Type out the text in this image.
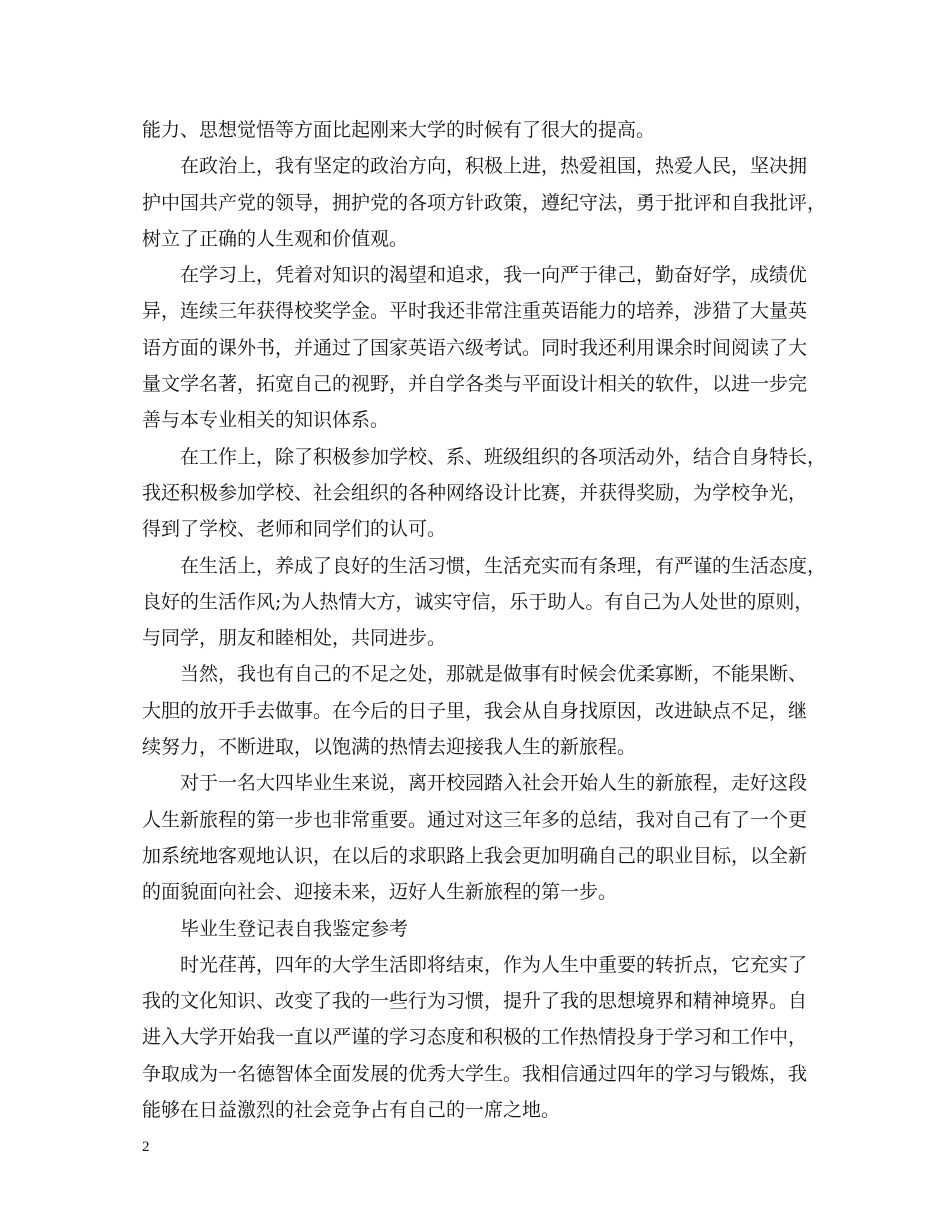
能力、思想觉悟等方面比起刚来大学的时候有了很大的提高。
在政治上，我有坚定的政治方向，积极上进，热爱祖国，热爱人民，坚决拥
护中国共产党的领导，拥护党的各项方针政策，遵纪守法，勇于批评和自我批评，
树立了正确的人生观和价值观。
在学习上，凭着对知识的渴望和追求，我一向严于律己，勤奋好学，成绩优
异，连续三年获得校奖学金。平时我还非常注重英语能力的培养，涉猎了大量英
语方面的课外书，并通过了国家英语六级考试。同时我还利用课余时间阅读了大
量文学名著，拓宽自己的视野，并自学各类与平面设计相关的软件，以进一步完
善与本专业相关的知识体系。
在工作上，除了积极参加学校、系、班级组织的各项活动外，结合自身特长，
我还积极参加学校、社会组织的各种网络设计比赛，并获得奖励，为学校争光，
得到了学校、老师和同学们的认可。
在生活上，养成了良好的生活习惯，生活充实而有条理，有严谨的生活态度，
良好的生活作风;为人热情大方，诚实守信，乐于助人。有自己为人处世的原则，
与同学，朋友和睦相处，共同进步。
当然，我也有自己的不足之处，那就是做事有时候会优柔寡断，不能果断、
大胆的放开手去做事。在今后的日子里，我会从自身找原因，改进缺点不足，继
续努力，不断进取，以饱满的热情去迎接我人生的新旅程。
对于一名大四毕业生来说，离开校园踏入社会开始人生的新旅程，走好这段
人生新旅程的第一步也非常重要。通过对这三年多的总结，我对自己有了一个更
加系统地客观地认识，在以后的求职路上我会更加明确自己的职业目标，以全新
的面貌面向社会、迎接未来，迈好人生新旅程的第一步。
毕业生登记表自我鉴定参考
时光荏苒，四年的大学生活即将结束，作为人生中重要的转折点，它充实了
我的文化知识、改变了我的一些行为习惯，提升了我的思想境界和精神境界。自
进入大学开始我一直以严谨的学习态度和积极的工作热情投身于学习和工作中，
争取成为一名德智体全面发展的优秀大学生。我相信通过四年的学习与锻炼，我
能够在日益激烈的社会竞争占有自己的一席之地。
2
